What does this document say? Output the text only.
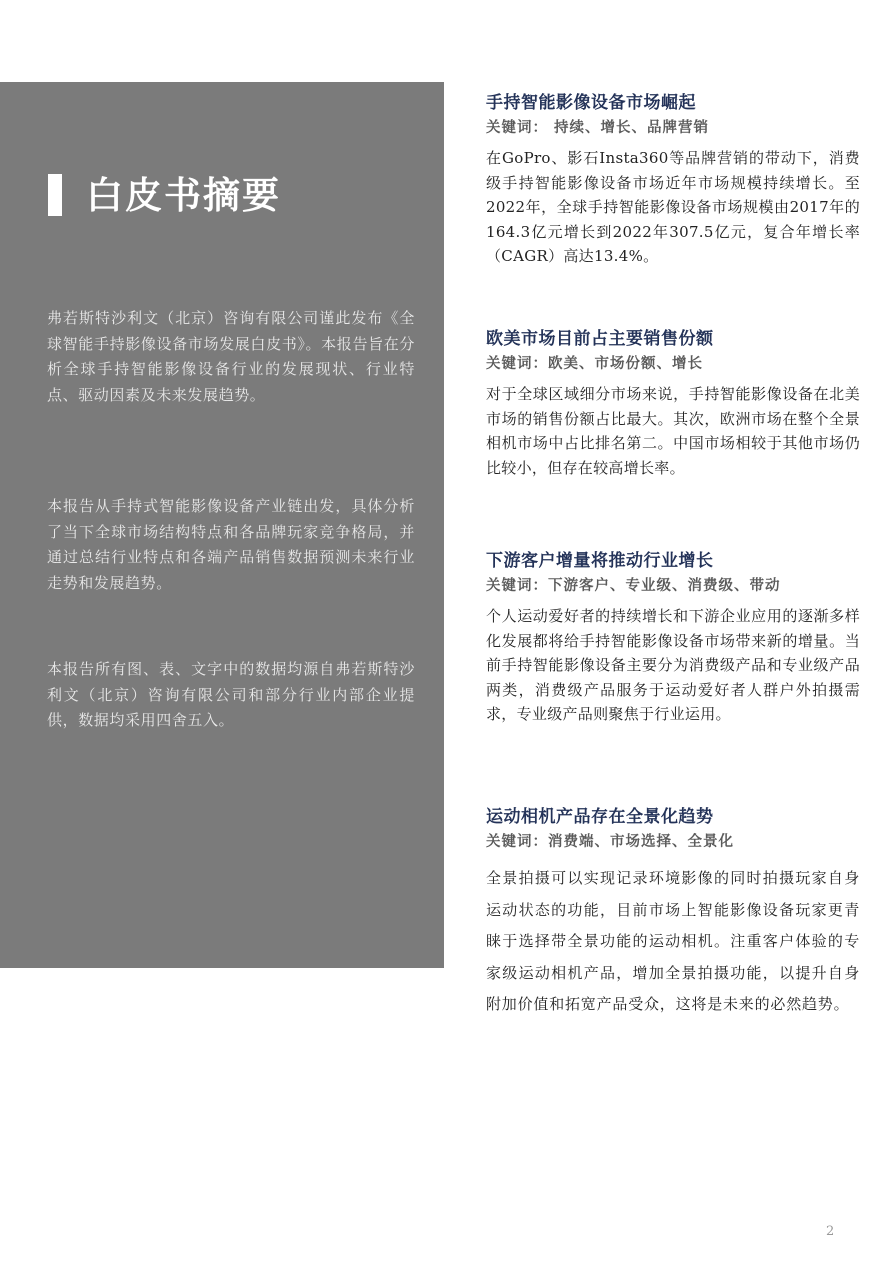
白皮书摘要
弗若斯特沙利文（北京）咨询有限公司谨此发布《全球智能手持影像设备市场发展白皮书》。本报告旨在分析全球手持智能影像设备行业的发展现状、行业特点、驱动因素及未来发展趋势。
本报告从手持式智能影像设备产业链出发，具体分析了当下全球市场结构特点和各品牌玩家竞争格局，并通过总结行业特点和各端产品销售数据预测未来行业走势和发展趋势。
本报告所有图、表、文字中的数据均源自弗若斯特沙利文（北京）咨询有限公司和部分行业内部企业提供，数据均采用四舍五入。
手持智能影像设备市场崛起
关键词： 持续、增长、品牌营销
在GoPro、影石Insta360等品牌营销的带动下，消费级手持智能影像设备市场近年市场规模持续增长。至2022年，全球手持智能影像设备市场规模由2017年的164.3亿元增长到2022年307.5亿元，复合年增长率（CAGR）高达13.4%。
欧美市场目前占主要销售份额
关键词：欧美、市场份额、增长
对于全球区域细分市场来说，手持智能影像设备在北美市场的销售份额占比最大。其次，欧洲市场在整个全景相机市场中占比排名第二。中国市场相较于其他市场仍比较小，但存在较高增长率。
下游客户增量将推动行业增长
关键词：下游客户、专业级、消费级、带动
个人运动爱好者的持续增长和下游企业应用的逐渐多样化发展都将给手持智能影像设备市场带来新的增量。当前手持智能影像设备主要分为消费级产品和专业级产品两类，消费级产品服务于运动爱好者人群户外拍摄需求，专业级产品则聚焦于行业运用。
运动相机产品存在全景化趋势
关键词：消费端、市场选择、全景化
全景拍摄可以实现记录环境影像的同时拍摄玩家自身运动状态的功能，目前市场上智能影像设备玩家更青睐于选择带全景功能的运动相机。注重客户体验的专家级运动相机产品，增加全景拍摄功能，以提升自身附加价值和拓宽产品受众，这将是未来的必然趋势。
2
